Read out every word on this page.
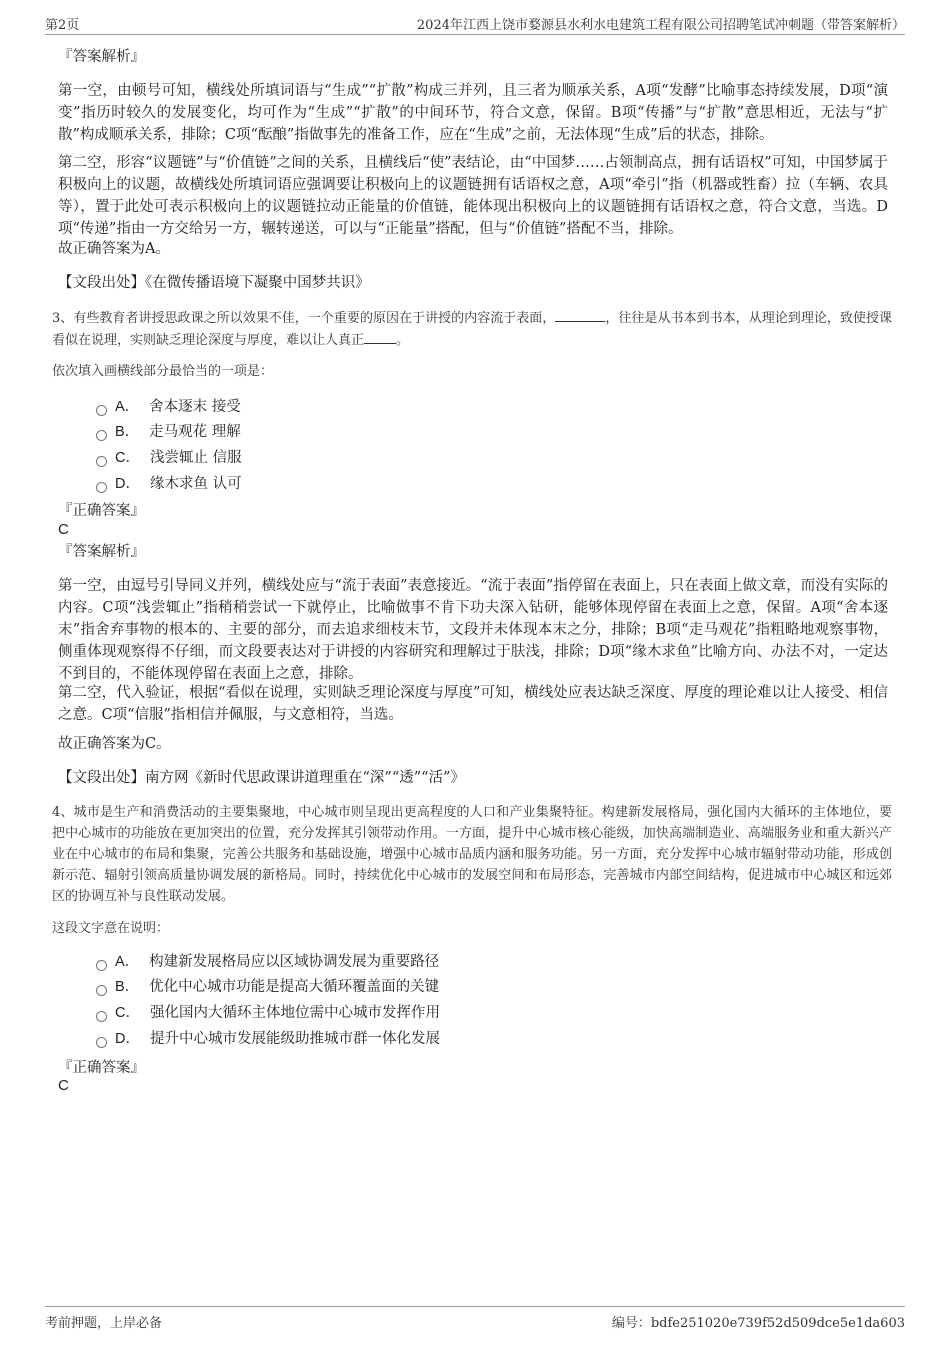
第2页	2024年江西上饶市婺源县水利水电建筑工程有限公司招聘笔试冲刺题（带答案解析）
『答案解析』
第一空，由顿号可知，横线处所填词语与“生成”“扩散”构成三并列，且三者为顺承关系，A项“发酵”比喻事态持续发展，D项“演变”指历时较久的发展变化，均可作为“生成”“扩散”的中间环节，符合文意，保留。B项“传播”与“扩散”意思相近，无法与“扩散”构成顺承关系，排除；C项“酝酿”指做事先的准备工作，应在“生成”之前，无法体现“生成”后的状态，排除。
第二空，形容“议题链”与“价值链”之间的关系，且横线后“使”表结论，由“中国梦……占领制高点，拥有话语权”可知，中国梦属于积极向上的议题，故横线处所填词语应强调要让积极向上的议题链拥有话语权之意，A项“牵引”指（机器或牲畜）拉（车辆、农具等），置于此处可表示积极向上的议题链拉动正能量的价值链，能体现出积极向上的议题链拥有话语权之意，符合文意，当选。D项“传递”指由一方交给另一方，辗转递送，可以与“正能量”搭配，但与“价值链”搭配不当，排除。
故正确答案为A。
【文段出处】《在微传播语境下凝聚中国梦共识》
3、有些教育者讲授思政课之所以效果不佳，一个重要的原因在于讲授的内容流于表面，	，往往是从书本到书本，从理论到理论，致使授课看似在说理，实则缺乏理论深度与厚度，难以让人真正 。
依次填入画横线部分最恰当的一项是：
A． 舍本逐末 接受
B． 走马观花 理解
C． 浅尝辄止 信服
D． 缘木求鱼 认可
『正确答案』
C
『答案解析』
第一空，由逗号引导同义并列，横线处应与“流于表面”表意接近。“流于表面”指停留在表面上，只在表面上做文章，而没有实际的内容。C项“浅尝辄止”指稍稍尝试一下就停止，比喻做事不肯下功夫深入钻研，能够体现停留在表面上之意，保留。A项“舍本逐末”指舍弃事物的根本的、主要的部分，而去追求细枝末节，文段并未体现本末之分，排除；B项“走马观花”指粗略地观察事物，侧重体现观察得不仔细，而文段要表达对于讲授的内容研究和理解过于肤浅，排除；D项“缘木求鱼”比喻方向、办法不对，一定达不到目的，不能体现停留在表面上之意，排除。
第二空，代入验证，根据“看似在说理，实则缺乏理论深度与厚度”可知，横线处应表达缺乏深度、厚度的理论难以让人接受、相信之意。C项“信服”指相信并佩服，与文意相符，当选。
故正确答案为C。
【文段出处】南方网《新时代思政课讲道理重在“深”“透”“活”》
4、城市是生产和消费活动的主要集聚地，中心城市则呈现出更高程度的人口和产业集聚特征。构建新发展格局，强化国内大循环的主体地位，要把中心城市的功能放在更加突出的位置，充分发挥其引领带动作用。一方面，提升中心城市核心能级，加快高端制造业、高端服务业和重大新兴产业在中心城市的布局和集聚，完善公共服务和基础设施，增强中心城市品质内涵和服务功能。另一方面，充分发挥中心城市辐射带动功能，形成创新示范、辐射引领高质量协调发展的新格局。同时，持续优化中心城市的发展空间和布局形态，完善城市内部空间结构，促进城市中心城区和远郊区的协调互补与良性联动发展。
这段文字意在说明：
A． 构建新发展格局应以区域协调发展为重要路径
B． 优化中心城市功能是提高大循环覆盖面的关键
C． 强化国内大循环主体地位需中心城市发挥作用
D． 提升中心城市发展能级助推城市群一体化发展
『正确答案』
C
考前押题，上岸必备	编号：bdfe251020e739f52d509dce5e1da603
